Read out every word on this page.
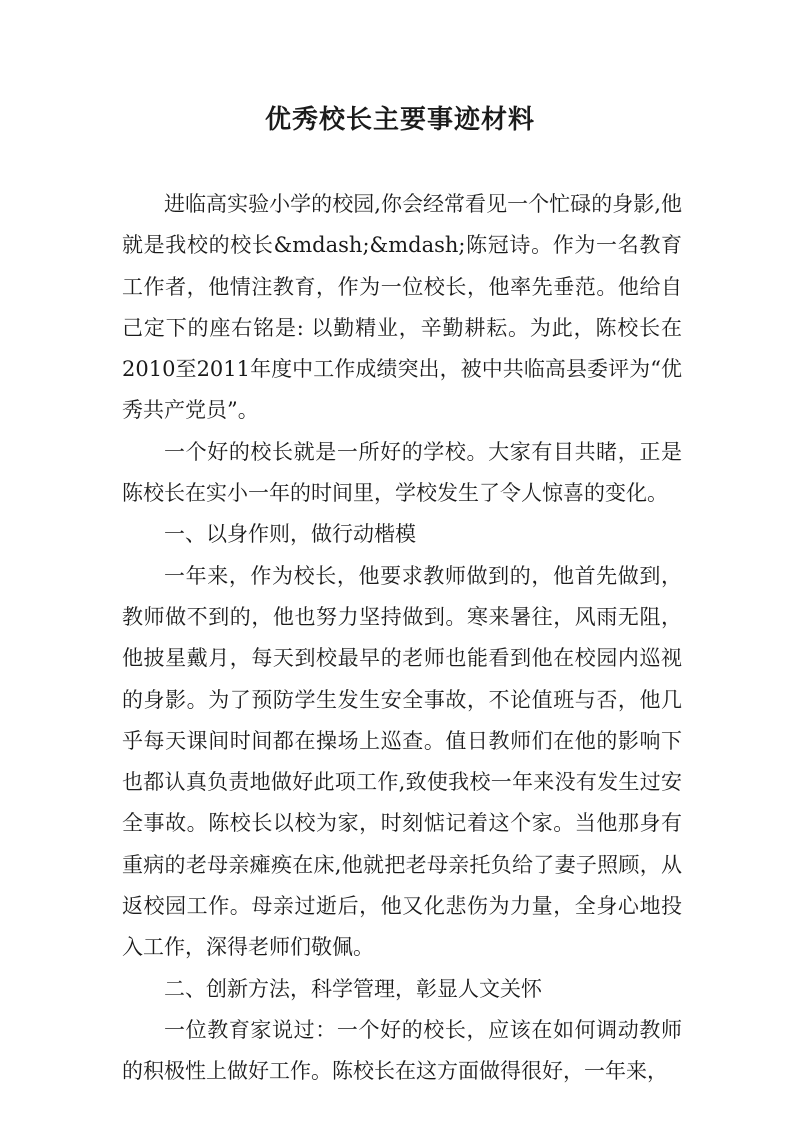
优秀校长主要事迹材料

进临高实验小学的校园,你会经常看见一个忙碌的身影,他就是我校的校长&mdash;&mdash;陈冠诗。作为一名教育工作者，他情注教育，作为一位校长，他率先垂范。他给自己定下的座右铭是: 以勤精业，辛勤耕耘。为此，陈校长在2010至2011年度中工作成绩突出，被中共临高县委评为“优秀共产党员”。

一个好的校长就是一所好的学校。大家有目共睹，正是陈校长在实小一年的时间里，学校发生了令人惊喜的变化。

一、以身作则，做行动楷模

一年来，作为校长，他要求教师做到的，他首先做到，教师做不到的，他也努力坚持做到。寒来暑往，风雨无阻，他披星戴月，每天到校最早的老师也能看到他在校园内巡视的身影。为了预防学生发生安全事故，不论值班与否，他几乎每天课间时间都在操场上巡查。值日教师们在他的影响下也都认真负责地做好此项工作,致使我校一年来没有发生过安全事故。陈校长以校为家，时刻惦记着这个家。当他那身有重病的老母亲瘫痪在床,他就把老母亲托负给了妻子照顾，从返校园工作。母亲过逝后，他又化悲伤为力量，全身心地投入工作，深得老师们敬佩。

二、创新方法，科学管理，彰显人文关怀

一位教育家说过：一个好的校长，应该在如何调动教师的积极性上做好工作。陈校长在这方面做得很好，一年来，
